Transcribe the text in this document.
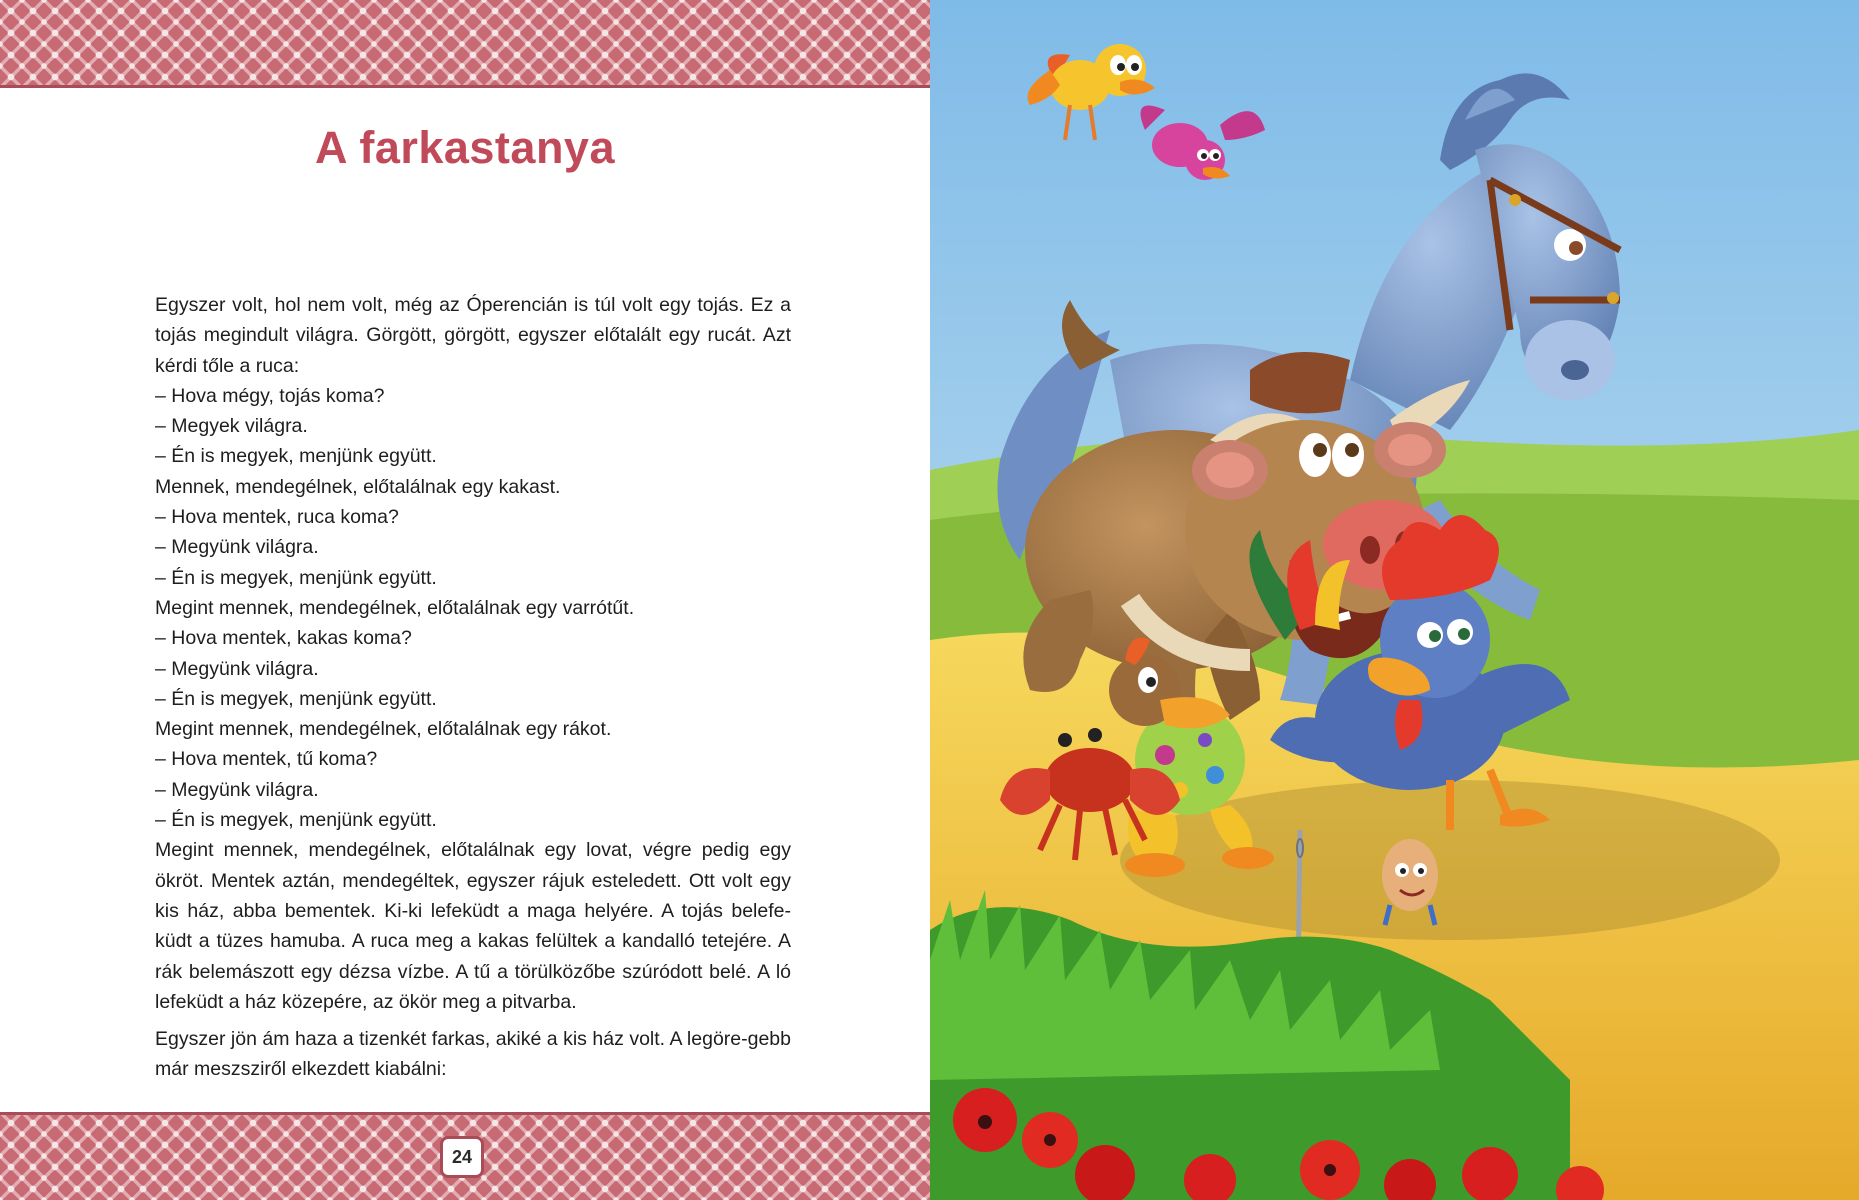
A farkastanya

Egyszer volt, hol nem volt, még az Óperencián is túl volt egy tojás. Ez a tojás megindult világra. Görgött, görgött, egyszer előtalált egy rucát. Azt kérdi tőle a ruca:

– Hova mégy, tojás koma?

– Megyek világra.

– Én is megyek, menjünk együtt.

Mennek, mendegélnek, előtalálnak egy kakast.

– Hova mentek, ruca koma?

– Megyünk világra.

– Én is megyek, menjünk együtt.

Megint mennek, mendegélnek, előtalálnak egy varrótűt.

– Hova mentek, kakas koma?

– Megyünk világra.

– Én is megyek, menjünk együtt.

Megint mennek, mendegélnek, előtalálnak egy rákot.

– Hova mentek, tű koma?

– Megyünk világra.

– Én is megyek, menjünk együtt.

Megint mennek, mendegélnek, előtalálnak egy lovat, végre pedig egy ökröt. Mentek aztán, mendegéltek, egyszer rájuk esteledett. Ott volt egy kis ház, abba bementek. Ki-ki lefeküdt a maga helyére. A tojás belefe-küdt a tüzes hamuba. A ruca meg a kakas felültek a kandalló tetejére. A rák belemászott egy dézsa vízbe. A tű a törülközőbe szúródott belé. A ló lefeküdt a ház közepére, az ökör meg a pitvarba.

Egyszer jön ám haza a tizenkét farkas, akiké a kis ház volt. A legöre-gebb már meszsziről elkezdett kiabálni:

24
